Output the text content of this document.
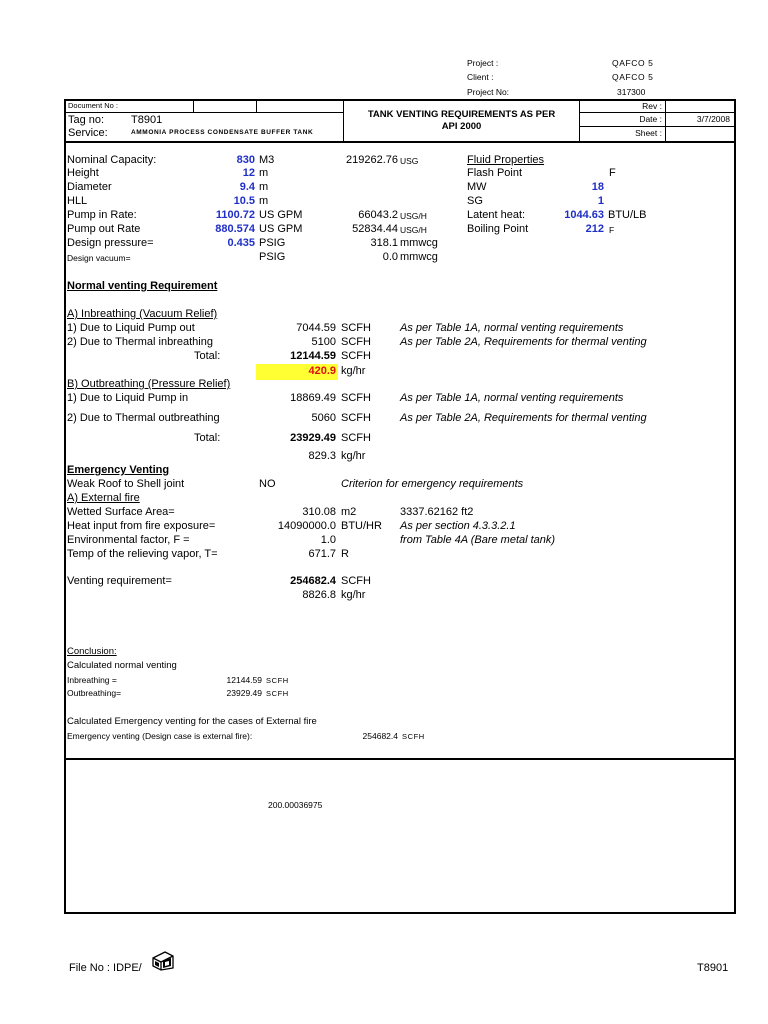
Project :	QAFCO 5
Client :	QAFCO 5
Project No:	317300
Document No :
Tag no: T8901
Service:	AMMONIA PROCESS CONDENSATE BUFFER TANK
TANK VENTING REQUIREMENTS AS PER
API 2000
Rev :
Date :	3/7/2008
Sheet :
Nominal Capacity:	830 M3	219262.76 USG
Height	12 m
Diameter	9.4 m
HLL	10.5 m
Pump in Rate:	1100.72 US GPM	66043.2 USG/H
Pump out Rate	880.574 US GPM	52834.44 USG/H
Design pressure=	0.435 PSIG	318.1 mmwcg
Design vacuum=	PSIG	0.0 mmwcg
Fluid Properties
Flash Point	F
MW	18
SG	1
Latent heat:	1044.63 BTU/LB
Boiling Point	212 F
Normal venting Requirement
A) Inbreathing (Vacuum Relief)
1) Due to Liquid Pump out	7044.59 SCFH	As per Table 1A, normal venting requirements
2) Due to Thermal inbreathing	5100 SCFH	As per Table 2A, Requirements for thermal venting
Total:	12144.59 SCFH
420.9 kg/hr
B) Outbreathing (Pressure Relief)
1) Due to Liquid Pump in	18869.49 SCFH	As per Table 1A, normal venting requirements
2) Due to Thermal outbreathing	5060 SCFH	As per Table 2A, Requirements for thermal venting
Total:	23929.49 SCFH
829.3 kg/hr
Emergency Venting
Weak Roof to Shell joint	NO	Criterion for emergency requirements
A) External fire
Wetted Surface Area=	310.08 m2	3337.62162 ft2
Heat input from fire exposure=	14090000.0 BTU/HR As per section 4.3.3.2.1
Environmental factor, F =	1.0	from Table 4A (Bare metal tank)
Temp of the relieving vapor, T=	671.7 R
Venting requirement=	254682.4 SCFH
8826.8 kg/hr
Conclusion:
Calculated normal venting
Inbreathing =	12144.59 SCFH
Outbreathing=	23929.49 SCFH
Calculated Emergency venting for the cases of External fire
Emergency venting (Design case is external fire):	254682.4 SCFH
200.00036975
File No : IDPE/	T8901
